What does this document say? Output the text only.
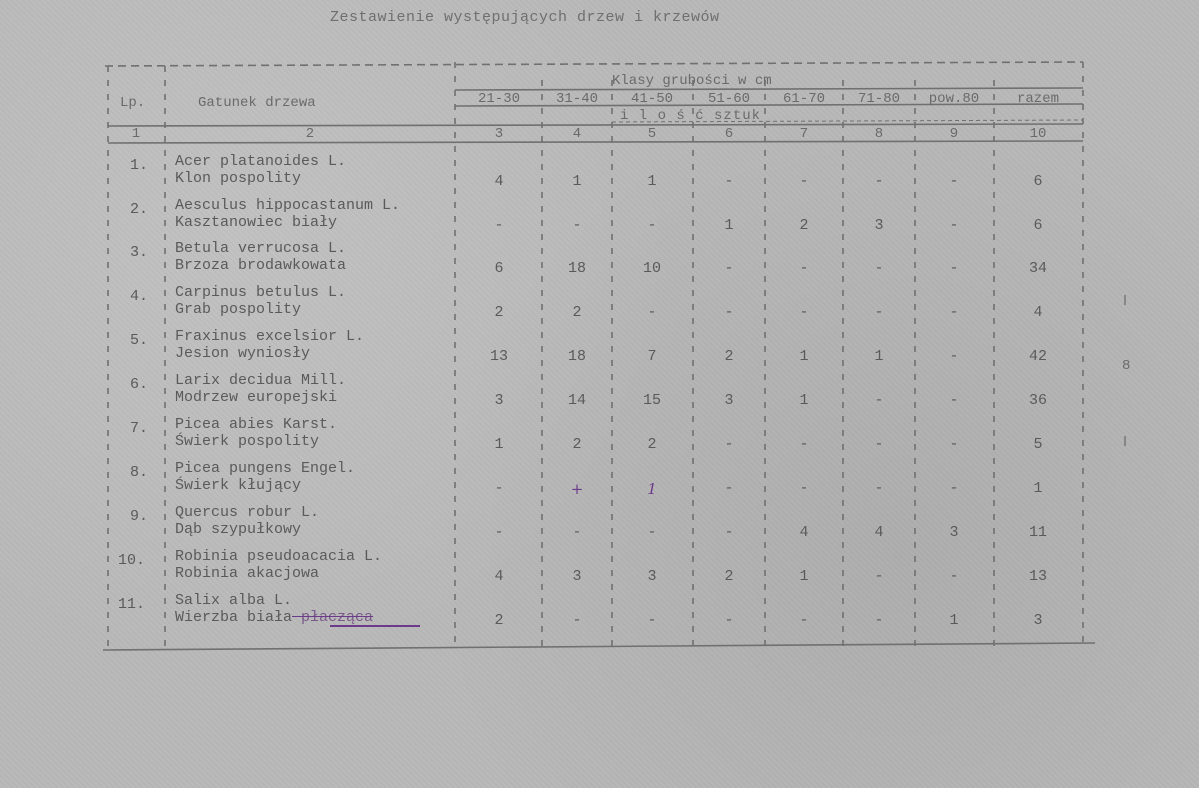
Zestawienie występujących drzew i krzewów
Lp.	Gatunek drzewa
Klasy grubości w cm
21-30	31-40	41-50	51-60	61-70	71-80	pow.80	razem
i l o ś ć sztuk
1	2	3	4	5	6	7	8	9	10
1. Acer platanoides L.
Klon pospolity	4	1	1	-	-	-	-	6
2. Aesculus hippocastanum L.
Kasztanowiec biały	-	-	-	1	2	3	-	6
3. Betula verrucosa L.
Brzoza brodawkowata	6	18	10	-	-	-	-	34
4. Carpinus betulus L.
Grab pospolity	2	2	-	-	-	-	-	4
5. Fraxinus excelsior L.
Jesion wyniosły	13	18	7	2	1	1	-	42
6. Larix decidua Mill.
Modrzew europejski	3	14	15	3	1	-	-	36
7. Picea abies Karst.
Świerk pospolity	1	2	2	-	-	-	-	5
8. Picea pungens Engel.
Świerk kłujący	-	+	1	-	-	-	-	1
9. Quercus robur L.
Dąb szypułkowy	-	-	-	-	4	4	3	11
10. Robinia pseudoacacia L.
Robinia akacjowa	4	3	3	2	1	-	-	13
11. Salix alba L.
Wierzba biała płacząca	2	-	-	-	-	-	1	3
8
